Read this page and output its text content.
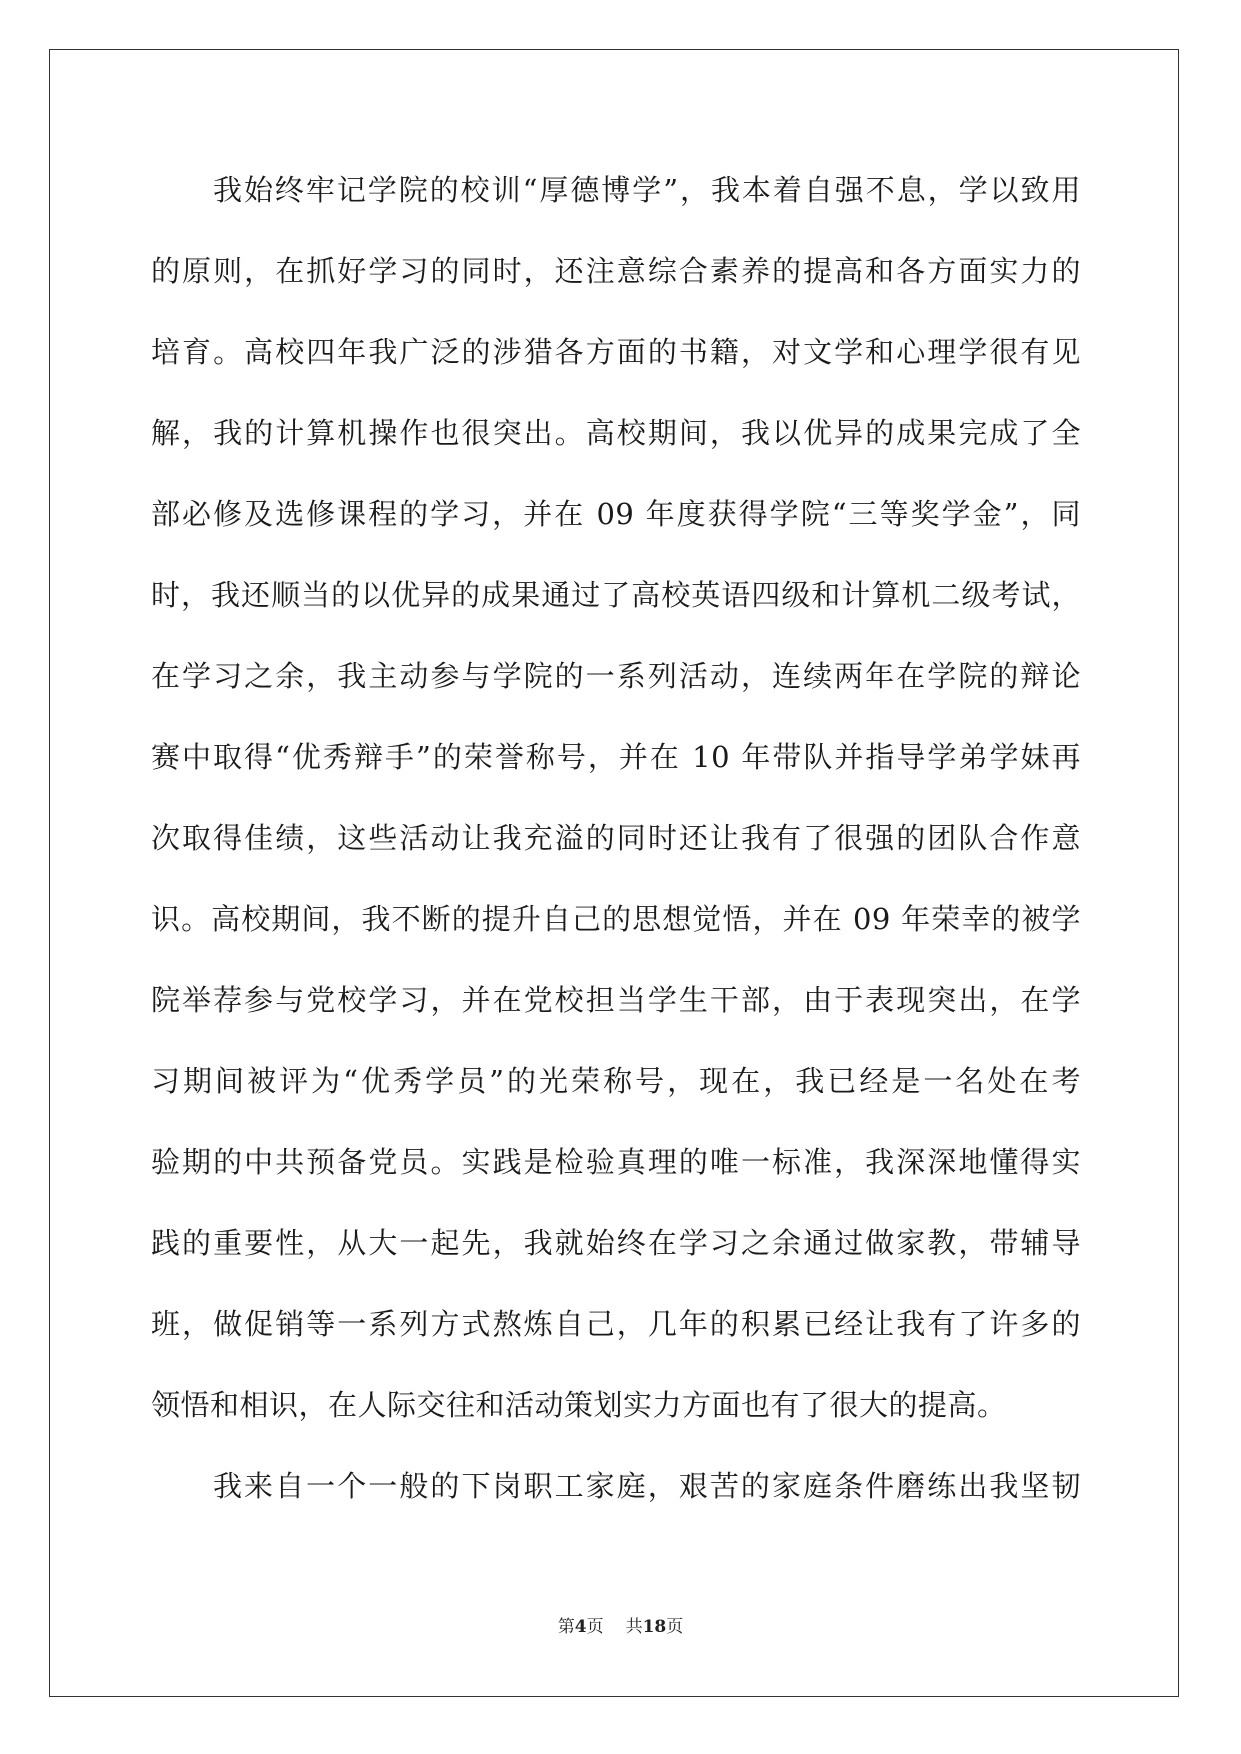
我始终牢记学院的校训“厚德博学”，我本着自强不息，学以致用
的原则，在抓好学习的同时，还注意综合素养的提高和各方面实力的
培育。高校四年我广泛的涉猎各方面的书籍，对文学和心理学很有见
解，我的计算机操作也很突出。高校期间，我以优异的成果完成了全
部必修及选修课程的学习，并在 09 年度获得学院“三等奖学金”，同
时，我还顺当的以优异的成果通过了高校英语四级和计算机二级考试，
在学习之余，我主动参与学院的一系列活动，连续两年在学院的辩论
赛中取得“优秀辩手”的荣誉称号，并在 10 年带队并指导学弟学妹再
次取得佳绩，这些活动让我充溢的同时还让我有了很强的团队合作意
识。高校期间，我不断的提升自己的思想觉悟，并在 09 年荣幸的被学
院举荐参与党校学习，并在党校担当学生干部，由于表现突出，在学
习期间被评为“优秀学员”的光荣称号，现在，我已经是一名处在考
验期的中共预备党员。实践是检验真理的唯一标准，我深深地懂得实
践的重要性，从大一起先，我就始终在学习之余通过做家教，带辅导
班，做促销等一系列方式熬炼自己，几年的积累已经让我有了许多的
领悟和相识，在人际交往和活动策划实力方面也有了很大的提高。
我来自一个一般的下岗职工家庭，艰苦的家庭条件磨练出我坚韧
第4页 共18页
